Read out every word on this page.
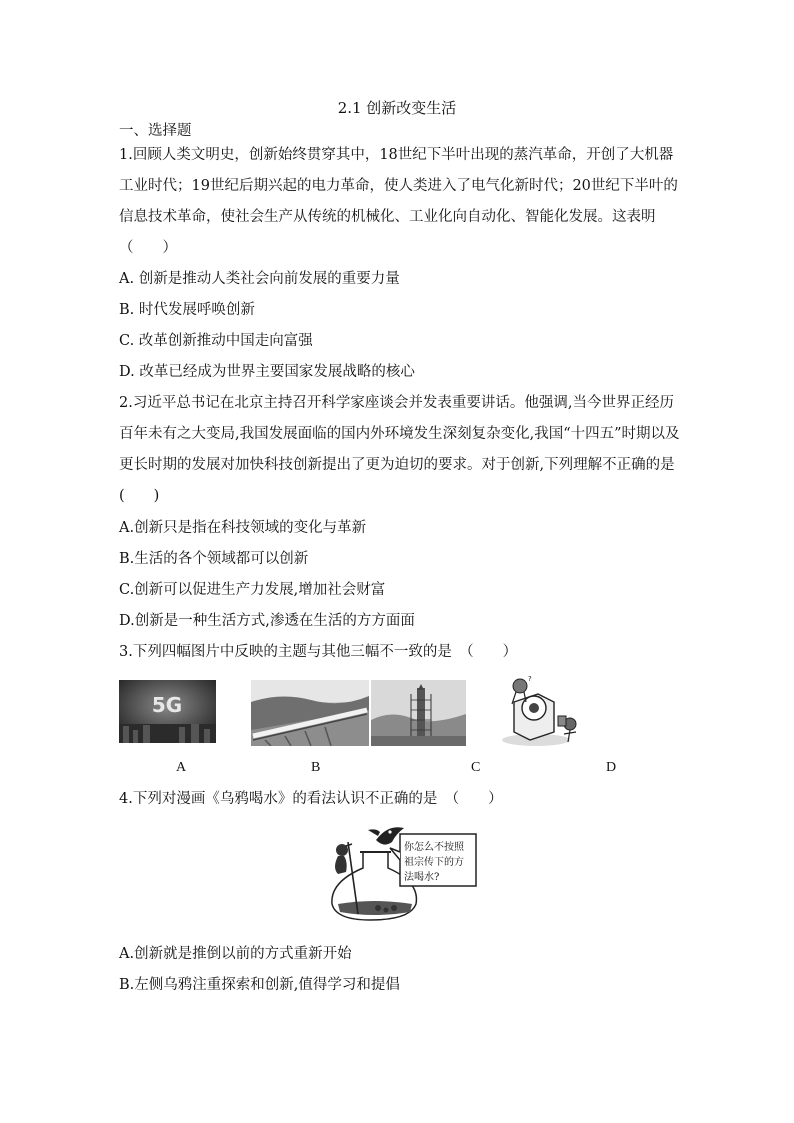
2.1 创新改变生活
一、选择题

1.回顾人类文明史，创新始终贯穿其中，18世纪下半叶出现的蒸汽革命，开创了大机器工业时代；19世纪后期兴起的电力革命，使人类进入了电气化新时代；20世纪下半叶的信息技术革命，使社会生产从传统的机械化、工业化向自动化、智能化发展。这表明（　　）

A. 创新是推动人类社会向前发展的重要力量
B. 时代发展呼唤创新
C. 改革创新推动中国走向富强
D. 改革已经成为世界主要国家发展战略的核心

2.习近平总书记在北京主持召开科学家座谈会并发表重要讲话。他强调,当今世界正经历百年未有之大变局,我国发展面临的国内外环境发生深刻复杂变化,我国“十四五”时期以及更长时期的发展对加快科技创新提出了更为迫切的要求。对于创新,下列理解不正确的是(　　)

A.创新只是指在科技领域的变化与革新
B.生活的各个领域都可以创新
C.创新可以促进生产力发展,增加社会财富
D.创新是一种生活方式,渗透在生活的方方面面
3.下列四幅图片中反映的主题与其他三幅不一致的是　（　　）
5G
?
A	B	C	D
4.下列对漫画《乌鸦喝水》的看法认识不正确的是　（　　）
你怎么不按照
祖宗传下的方
法喝水?
A.创新就是推倒以前的方式重新开始
B.左侧乌鸦注重探索和创新,值得学习和提倡
